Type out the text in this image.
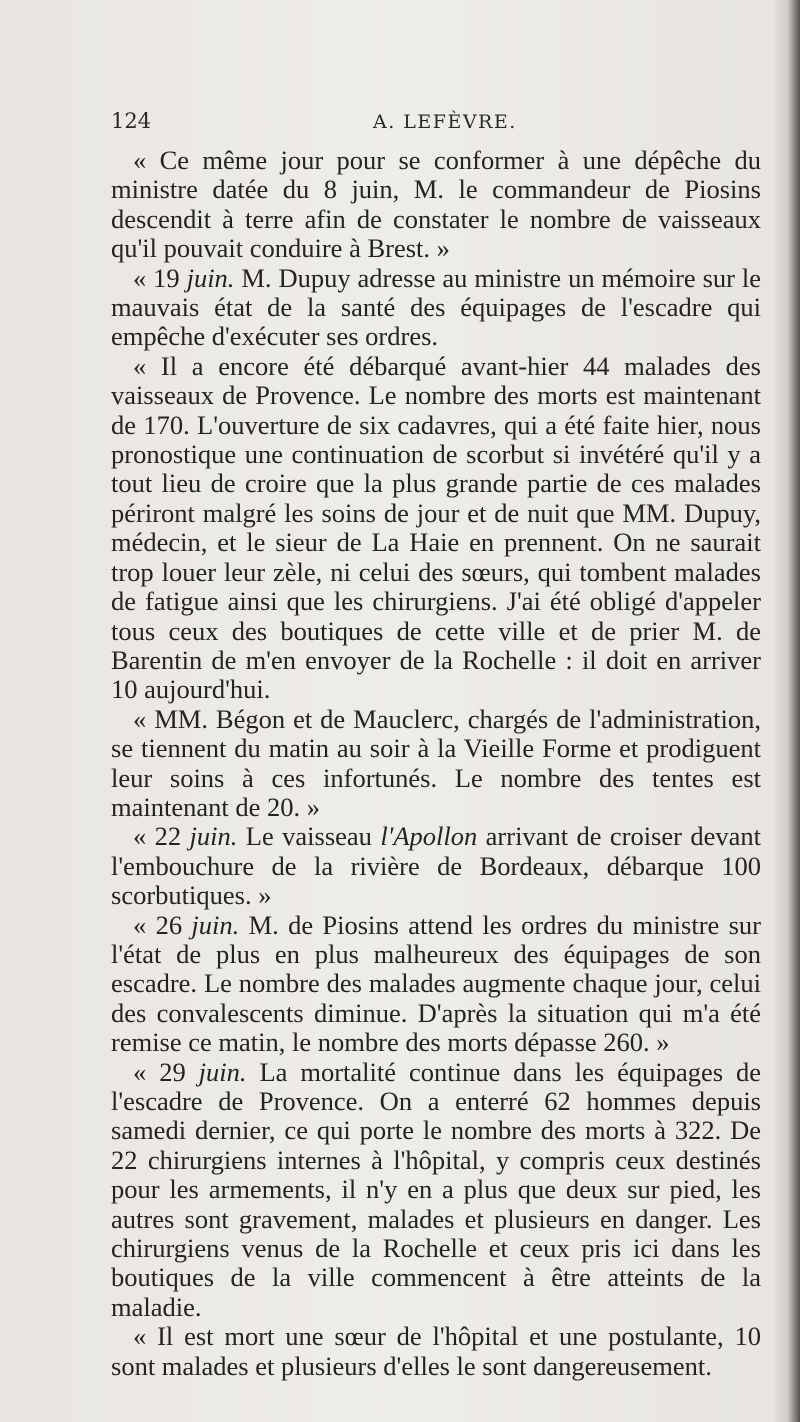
124	A. LEFÈVRE.

« Ce même jour pour se conformer à une dépêche du ministre datée du 8 juin, M. le commandeur de Piosins descendit à terre afin de constater le nombre de vaisseaux qu'il pouvait conduire à Brest. »

« 19 juin. M. Dupuy adresse au ministre un mémoire sur le mauvais état de la santé des équipages de l'escadre qui empêche d'exécuter ses ordres.

« Il a encore été débarqué avant-hier 44 malades des vaisseaux de Provence. Le nombre des morts est maintenant de 170. L'ouverture de six cadavres, qui a été faite hier, nous pronostique une continuation de scorbut si invétéré qu'il y a tout lieu de croire que la plus grande partie de ces malades périront malgré les soins de jour et de nuit que MM. Dupuy, médecin, et le sieur de La Haie en prennent. On ne saurait trop louer leur zèle, ni celui des sœurs, qui tombent malades de fatigue ainsi que les chirurgiens. J'ai été obligé d'appeler tous ceux des boutiques de cette ville et de prier M. de Barentin de m'en envoyer de la Rochelle : il doit en arriver 10 aujourd'hui.

« MM. Bégon et de Mauclerc, chargés de l'administration, se tiennent du matin au soir à la Vieille Forme et prodiguent leur soins à ces infortunés. Le nombre des tentes est maintenant de 20. »

« 22 juin. Le vaisseau l'Apollon arrivant de croiser devant l'embouchure de la rivière de Bordeaux, débarque 100 scorbutiques. »

« 26 juin. M. de Piosins attend les ordres du ministre sur l'état de plus en plus malheureux des équipages de son escadre. Le nombre des malades augmente chaque jour, celui des convalescents diminue. D'après la situation qui m'a été remise ce matin, le nombre des morts dépasse 260. »

« 29 juin. La mortalité continue dans les équipages de l'escadre de Provence. On a enterré 62 hommes depuis samedi dernier, ce qui porte le nombre des morts à 322. De 22 chirurgiens internes à l'hôpital, y compris ceux destinés pour les armements, il n'y en a plus que deux sur pied, les autres sont gravement, malades et plusieurs en danger. Les chirurgiens venus de la Rochelle et ceux pris ici dans les boutiques de la ville commencent à être atteints de la maladie.

« Il est mort une sœur de l'hôpital et une postulante, 10 sont malades et plusieurs d'elles le sont dangereusement.
